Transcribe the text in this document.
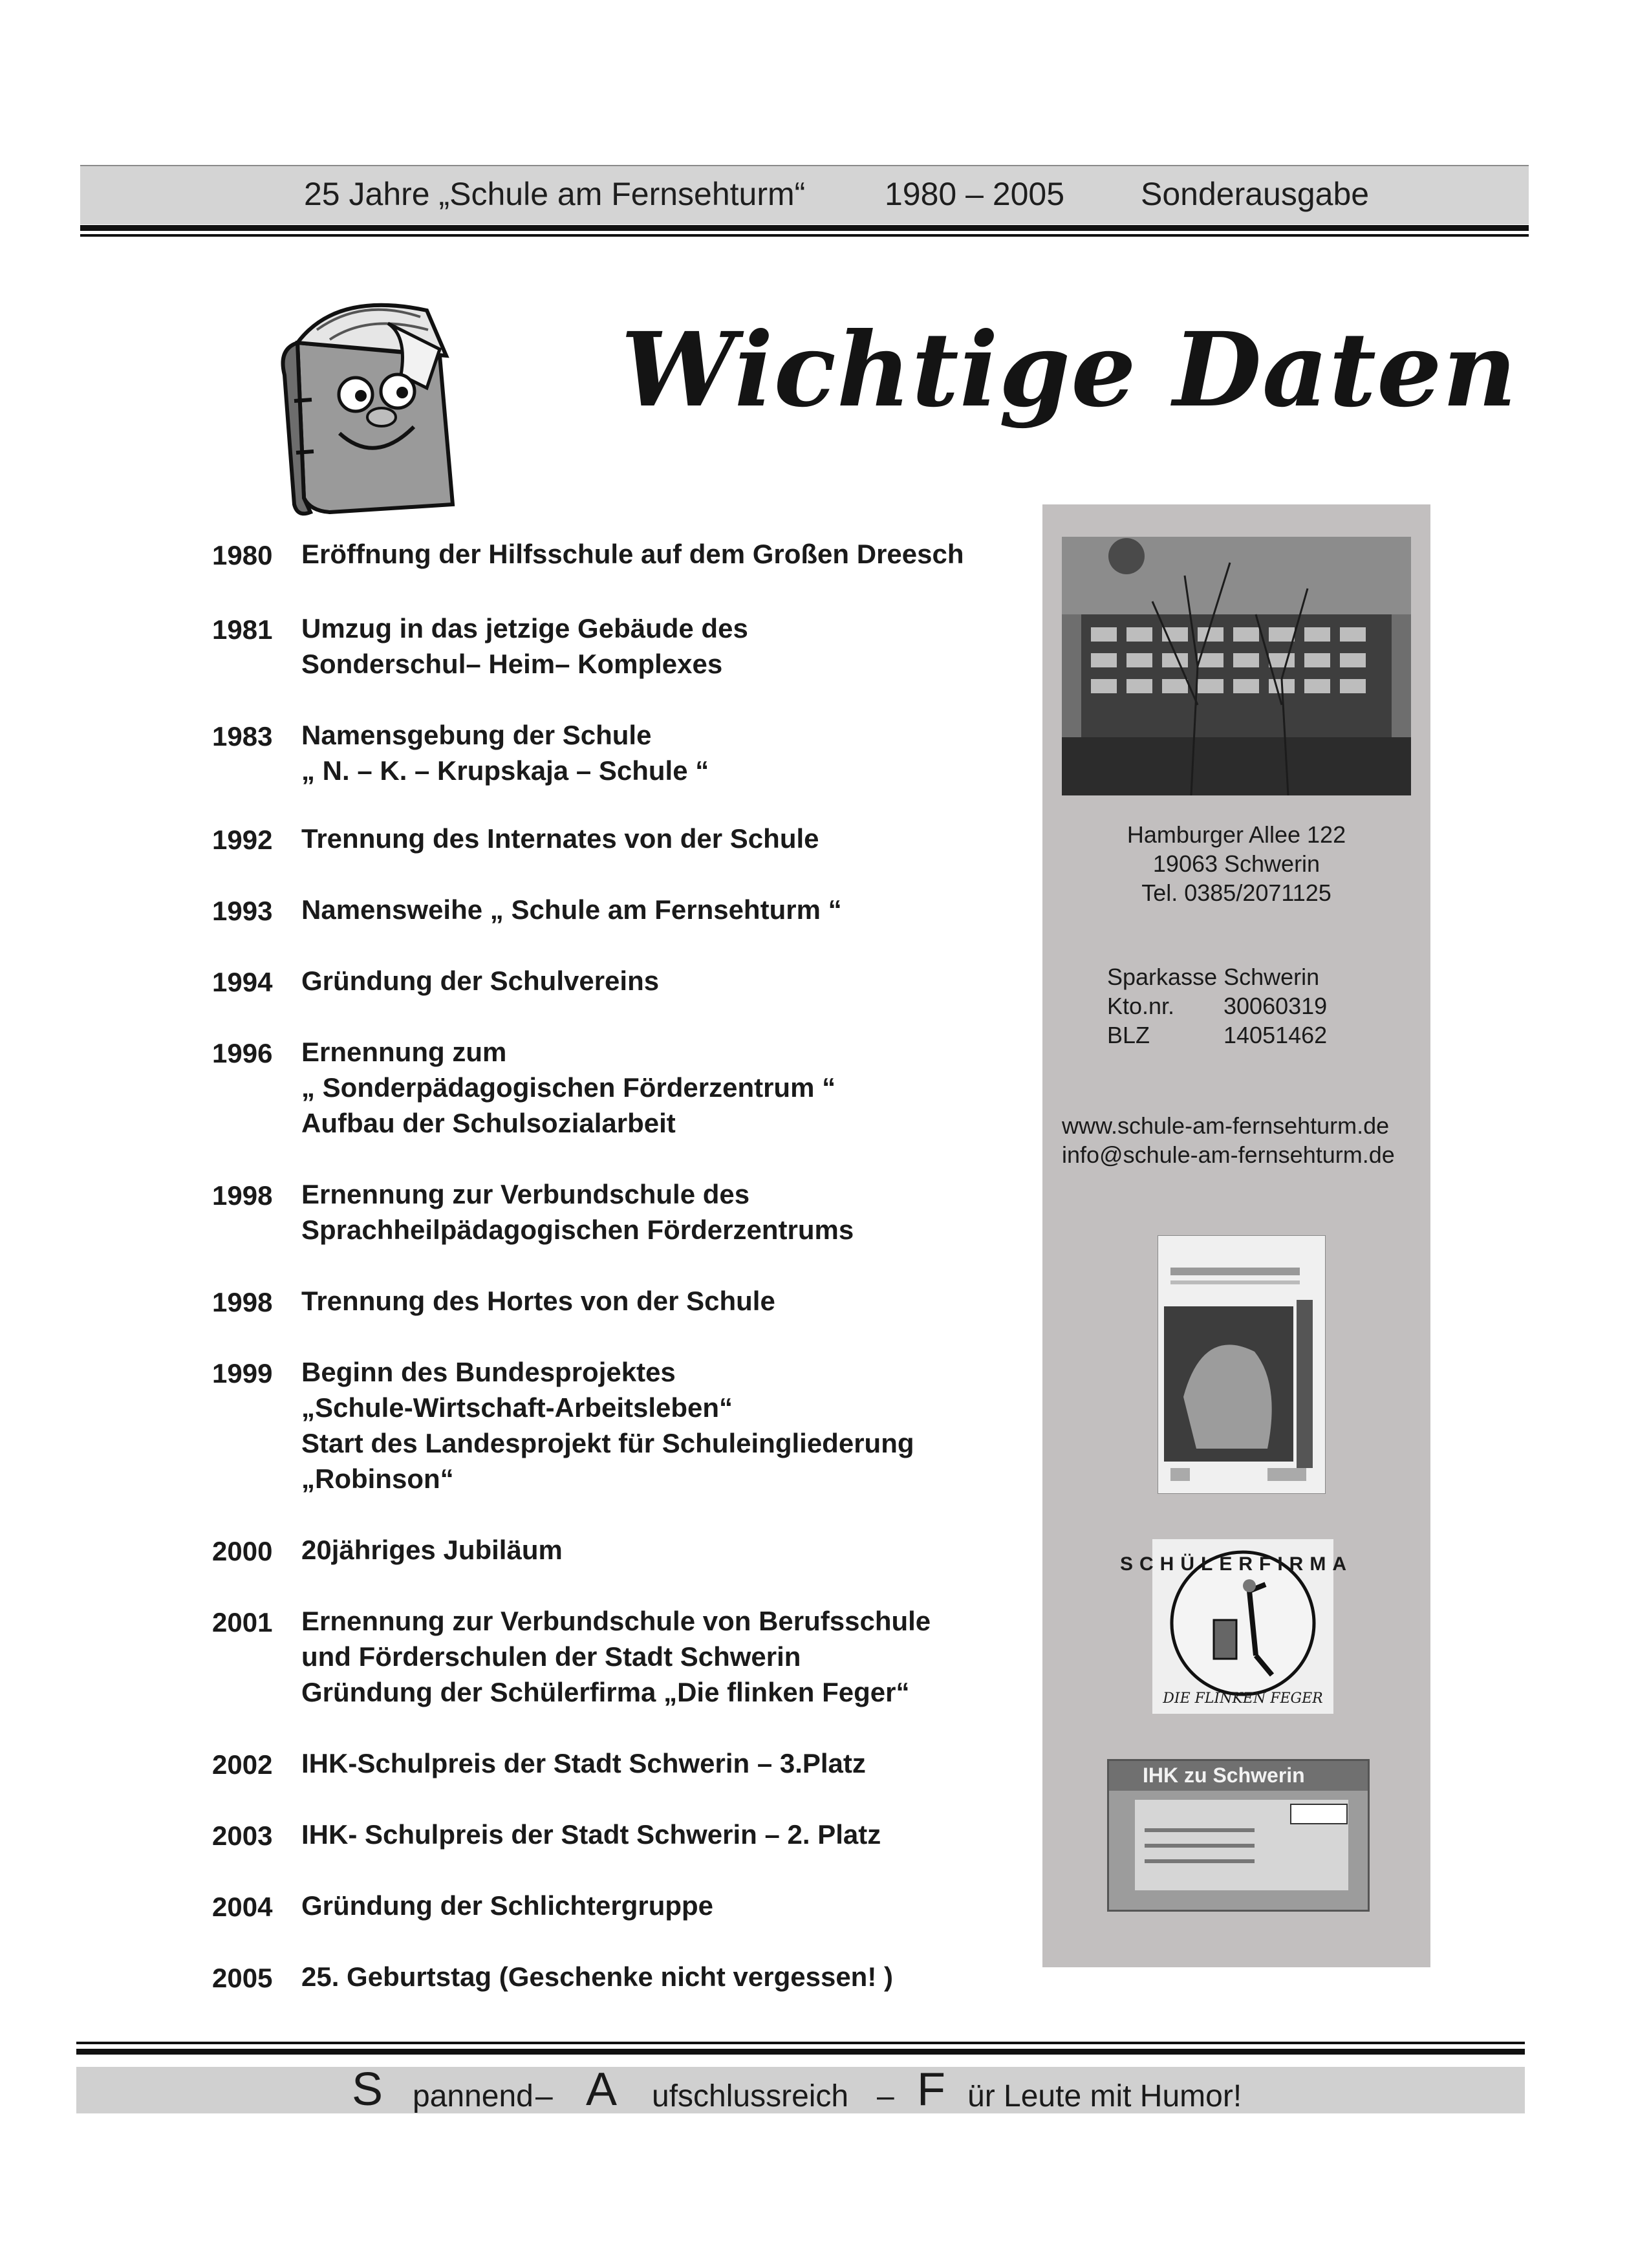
25 Jahre „Schule am Fernsehturm“ 1980 – 2005 Sonderausgabe
Wichtige Daten
1980 Eröffnung der Hilfsschule auf dem Großen Dreesch
1981 Umzug in das jetzige Gebäude des
Sonderschul– Heim– Komplexes
1983 Namensgebung der Schule
„ N. – K. – Krupskaja – Schule “
1992 Trennung des Internates von der Schule
1993 Namensweihe „ Schule am Fernsehturm “
1994 Gründung der Schulvereins
1996 Ernennung zum
„ Sonderpädagogischen Förderzentrum “
Aufbau der Schulsozialarbeit
1998 Ernennung zur Verbundschule des
Sprachheilpädagogischen Förderzentrums
1998 Trennung des Hortes von der Schule
1999 Beginn des Bundesprojektes
„Schule-Wirtschaft-Arbeitsleben“
Start des Landesprojekt für Schuleingliederung
„Robinson“
2000 20jähriges Jubiläum
2001 Ernennung zur Verbundschule von Berufsschule
und Förderschulen der Stadt Schwerin
Gründung der Schülerfirma „Die flinken Feger“
2002 IHK-Schulpreis der Stadt Schwerin – 3.Platz
2003 IHK- Schulpreis der Stadt Schwerin – 2. Platz
2004 Gründung der Schlichtergruppe
2005 25. Geburtstag (Geschenke nicht vergessen! )
Hamburger Allee 122
19063 Schwerin
Tel. 0385/2071125
Sparkasse Schwerin
Kto.nr. 30060319
BLZ	14051462
www.schule-am-fernsehturm.de
info@schule-am-fernsehturm.de
SCHÜLERFIRMA
DIE FLINKEN FEGER
IHK zu Schwerin
S pannend – A ufschlussreich – F ür Leute mit Humor!
